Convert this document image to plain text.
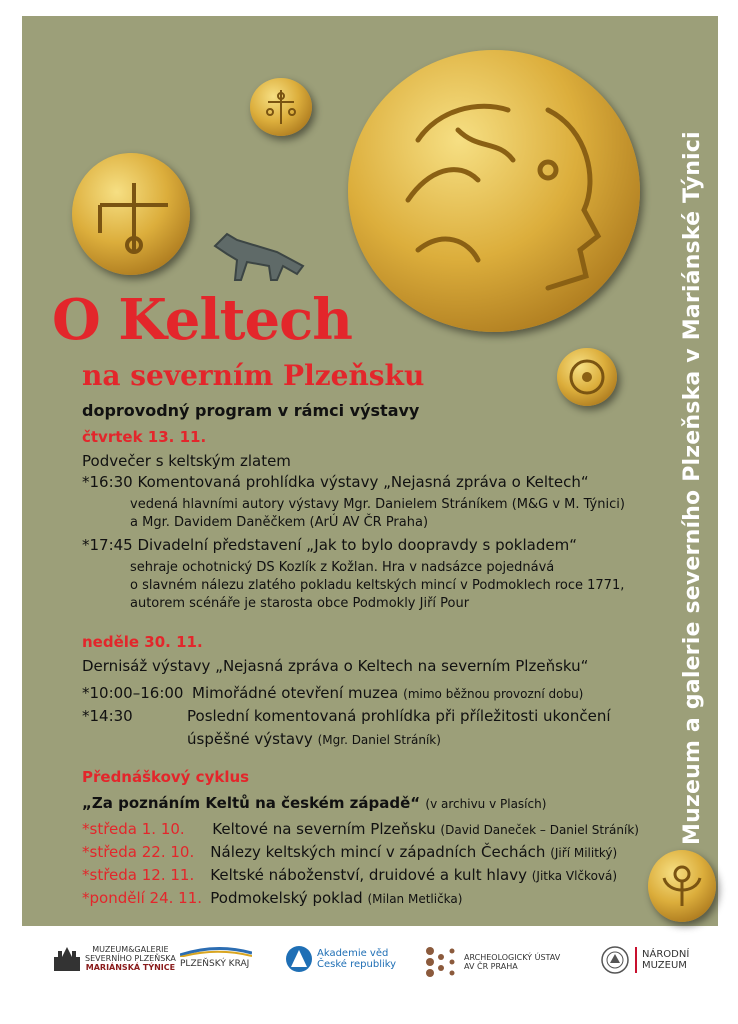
Muzeum a galerie severního Plzeňska v Mariánské Týnici
O Keltech
na severním Plzeňsku
doprovodný program v rámci výstavy
čtvrtek 13. 11.
Podvečer s keltským zlatem
*16:30 Komentovaná prohlídka výstavy „Nejasná zpráva o Keltech“
vedená hlavními autory výstavy Mgr. Danielem Stráníkem (M&G v M. Týnici)
a Mgr. Davidem Daněčkem (ArÚ AV ČR Praha)
*17:45 Divadelní představení „Jak to bylo doopravdy s pokladem“
sehraje ochotnický DS Kozlík z Kožlan. Hra v nadsázce pojednává
o slavném nálezu zlatého pokladu keltských mincí v Podmoklech roce 1771,
autorem scénáře je starosta obce Podmokly Jiří Pour
neděle 30. 11.
Dernisáž výstavy „Nejasná zpráva o Keltech na severním Plzeňsku“
*10:00–16:00 Mimořádné otevření muzea (mimo běžnou provozní dobu)
*14:30	Poslední komentovaná prohlídka při příležitosti ukončení
úspěšné výstavy (Mgr. Daniel Stráník)
Přednáškový cyklus
„Za poznáním Keltů na českém západě“ (v archivu v Plasích)
*středa 1. 10. Keltové na severním Plzeňsku (David Daneček – Daniel Stráník)
*středa 22. 10. Nálezy keltských mincí v západních Čechách (Jiří Militký)
*středa 12. 11. Keltské náboženství, druidové a kult hlavy (Jitka Vlčková)
*pondělí 24. 11. Podmokelský poklad (Milan Metlička)
MUZEUM&GALERIE
SEVERNÍHO PLZEŇSKA
MARIÁNSKÁ TÝNICE PLZEŇSKÝ KRAJ
Akademie věd
České republiky
ARCHEOLOGICKÝ ÚSTAV
AV ČR PRAHA
NÁRODNÍ
MUZEUM
